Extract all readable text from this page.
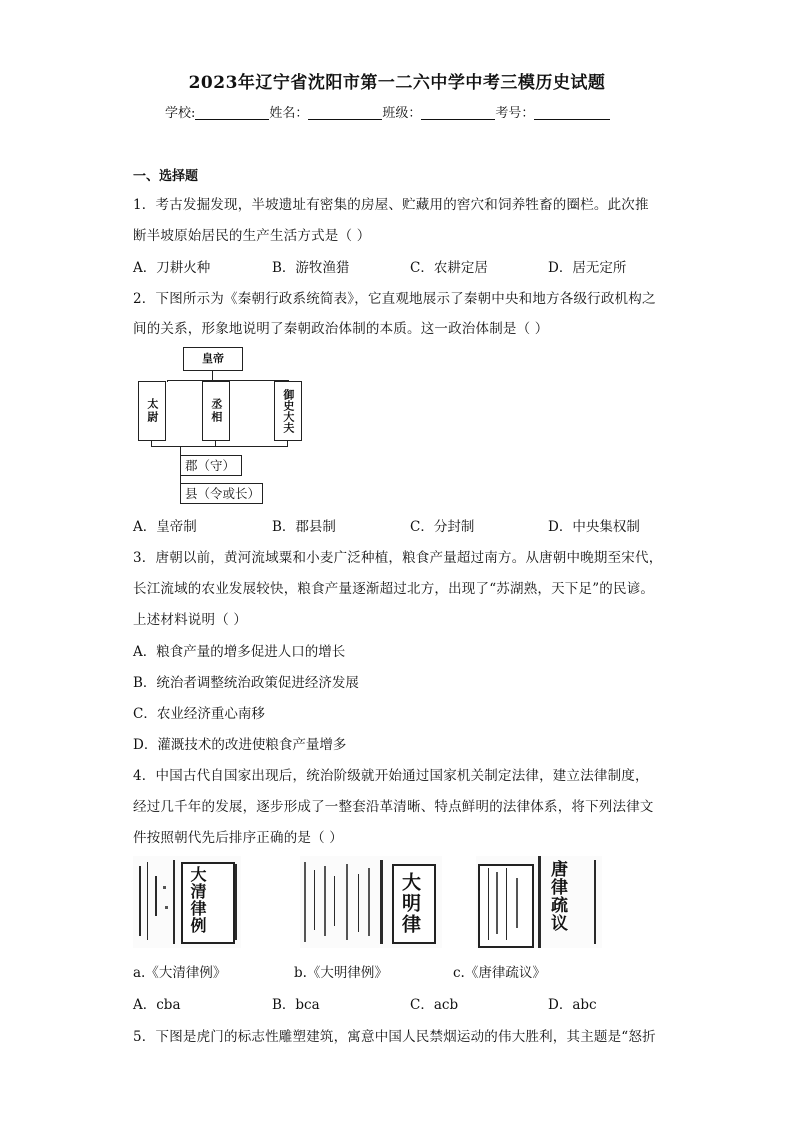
2023年辽宁省沈阳市第一二六中学中考三模历史试题
学校:	姓名：	班级：	考号：
一、选择题
1．考古发掘发现，半坡遗址有密集的房屋、贮藏用的窖穴和饲养牲畜的圈栏。此次推
断半坡原始居民的生产生活方式是（ ）
A．刀耕火种	B．游牧渔猎	C．农耕定居	D．居无定所
2．下图所示为《秦朝行政系统简表》，它直观地展示了秦朝中央和地方各级行政机构之
间的关系，形象地说明了秦朝政治体制的本质。这一政治体制是（ ）
皇帝
太尉	丞相	御史大夫
郡（守）
县（令或长）
A．皇帝制	B．郡县制	C．分封制	D．中央集权制
3．唐朝以前，黄河流域粟和小麦广泛种植，粮食产量超过南方。从唐朝中晚期至宋代，
长江流域的农业发展较快，粮食产量逐渐超过北方，出现了“苏湖熟，天下足”的民谚。
上述材料说明（ ）
A．粮食产量的增多促进人口的增长
B．统治者调整统治政策促进经济发展
C．农业经济重心南移
D．灌溉技术的改进使粮食产量增多
4．中国古代自国家出现后，统治阶级就开始通过国家机关制定法律，建立法律制度，
经过几千年的发展，逐步形成了一整套沿革清晰、特点鲜明的法律体系，将下列法律文
件按照朝代先后排序正确的是（ ）
大清律例	大明律	唐律疏议
a.《大清律例》	b.《大明律例》	c.《唐律疏议》
A．cba	B．bca	C．acb	D．abc
5．下图是虎门的标志性雕塑建筑，寓意中国人民禁烟运动的伟大胜利，其主题是“怒折
